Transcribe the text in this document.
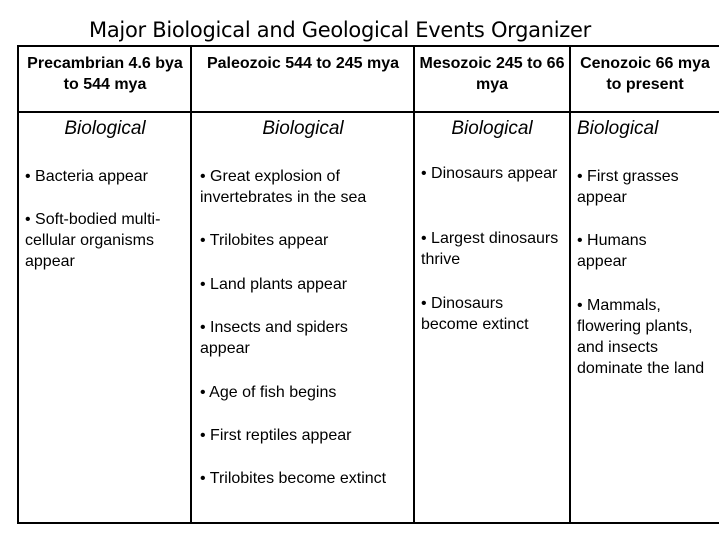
Major Biological and Geological Events Organizer
Precambrian 4.6 bya to 544 mya
Biological
• Bacteria appear
• Soft-bodied multi-cellular organisms appear
Paleozoic 544 to 245 mya
Biological
• Great explosion of invertebrates in the sea
• Trilobites appear
• Land plants appear
• Insects and spiders appear
• Age of fish begins
• First reptiles appear
• Trilobites become extinct
Mesozoic 245 to 66 mya
Biological
• Dinosaurs appear
• Largest dinosaurs thrive
• Dinosaurs become extinct
Cenozoic 66 mya to present
Biological
• First grasses appear
• Humans appear
• Mammals, flowering plants, and insects dominate the land
